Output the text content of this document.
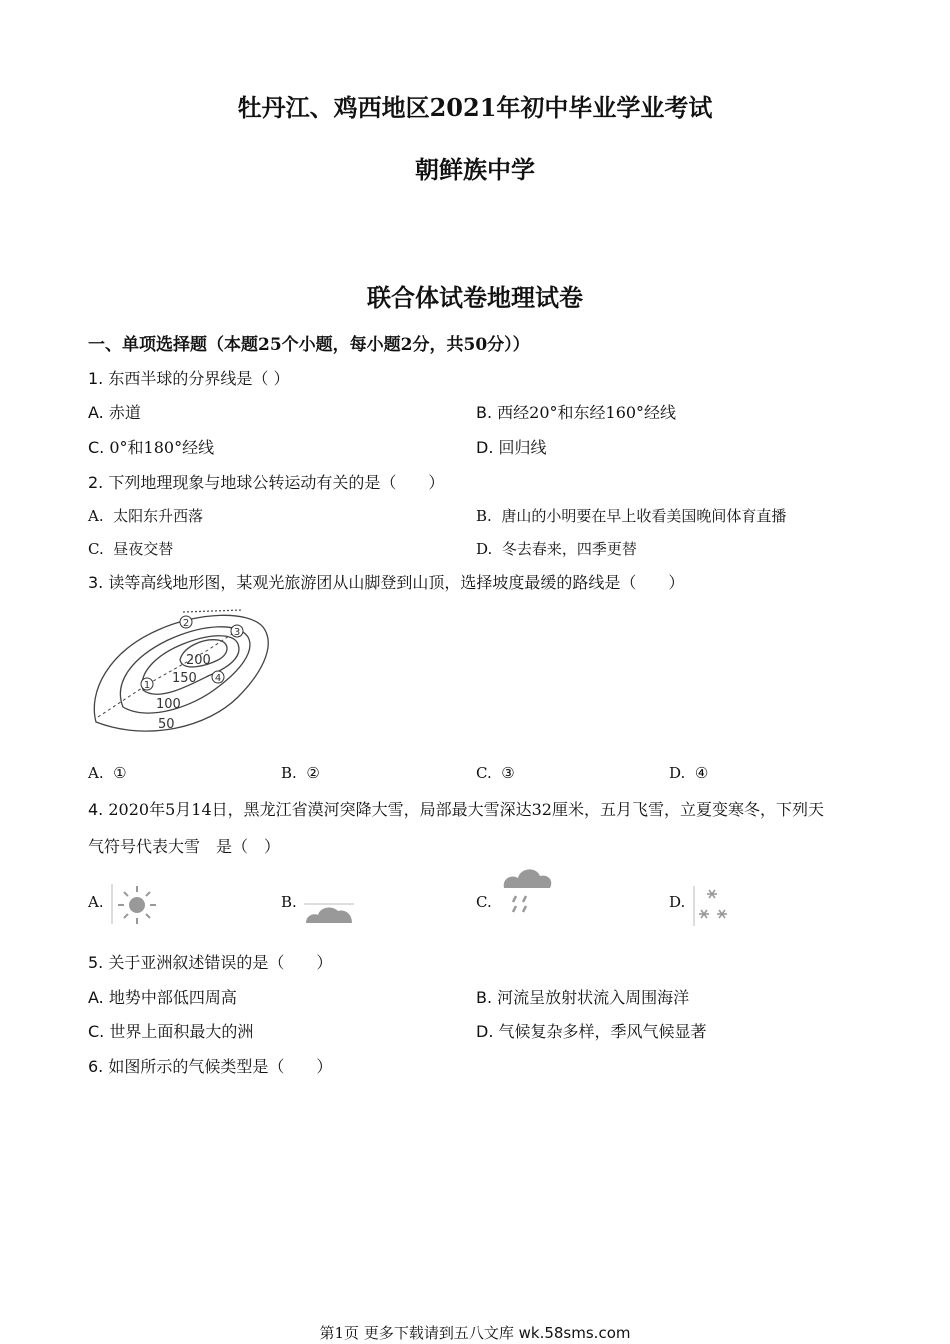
牡丹江、鸡西地区2021年初中毕业学业考试
朝鲜族中学
联合体试卷地理试卷
一、单项选择题（本题25个小题，每小题2分，共50分））
1. 东西半球的分界线是（ ）
A. 赤道	B. 西经20°和东经160°经线
C. 0°和180°经线	D. 回归线
2. 下列地理现象与地球公转运动有关的是（　　）
A. 太阳东升西落	B. 唐山的小明要在早上收看美国晚间体育直播
C. 昼夜交替	D. 冬去春来，四季更替
3. 读等高线地形图，某观光旅游团从山脚登到山顶，选择坡度最缓的路线是（　　）
1
2
3
4
200
150
100
50
A. ①	B. ②	C. ③	D. ④
4. 2020年5月14日，黑龙江省漠河突降大雪，局部最大雪深达32厘米，五月飞雪，立夏变寒冬，下列天
气符号代表大雪　是（　）
A.	B.	C.	D.
5. 关于亚洲叙述错误的是（　　）
A. 地势中部低四周高	B. 河流呈放射状流入周围海洋
C. 世界上面积最大的洲	D. 气候复杂多样，季风气候显著
6. 如图所示的气候类型是（　　）
第1页 更多下载请到五八文库 wk.58sms.com
